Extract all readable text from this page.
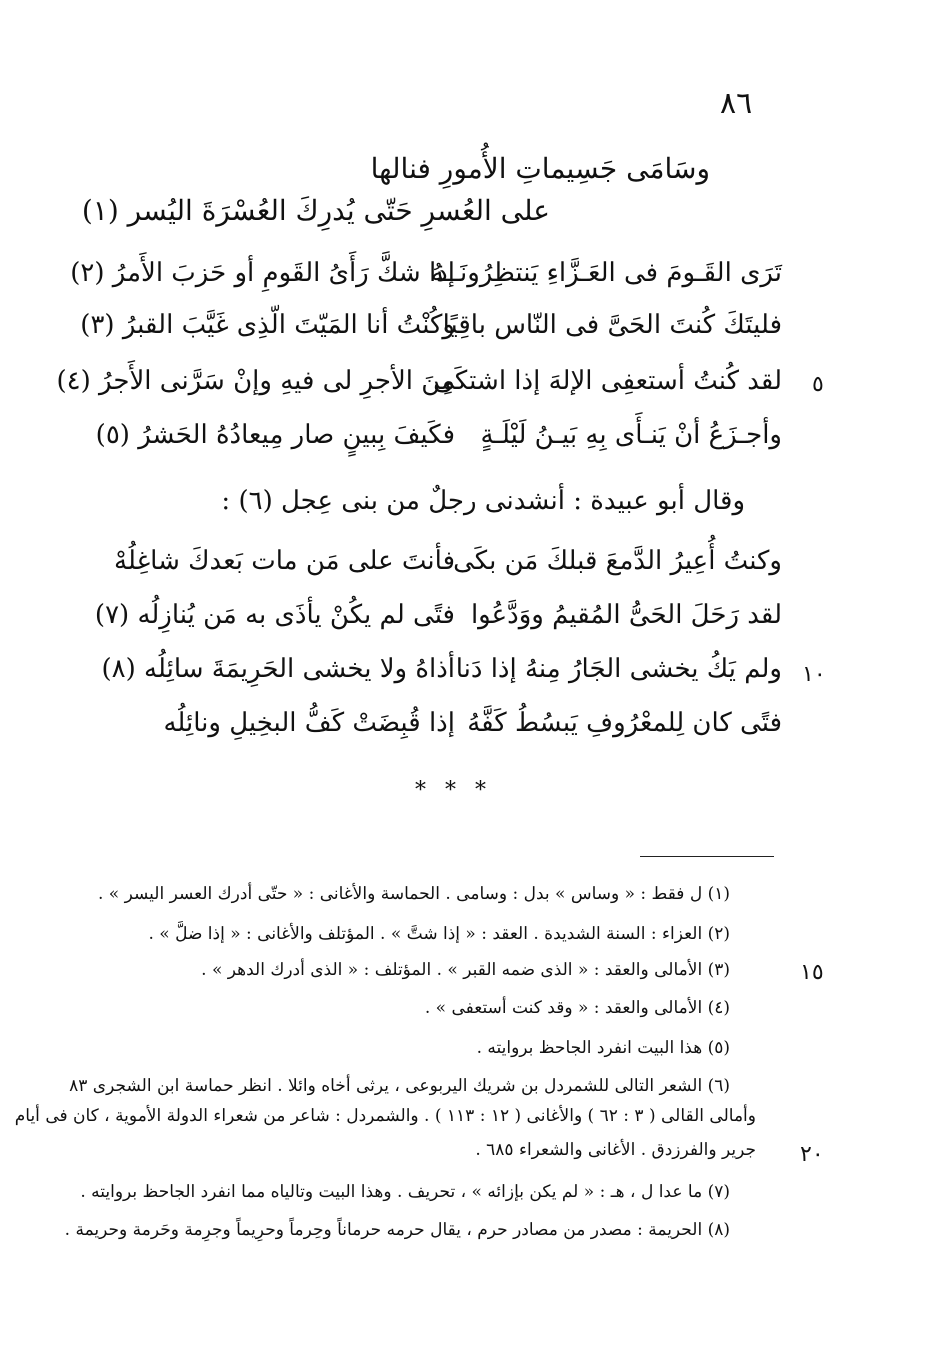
٨٦
وسَامَى جَسِيماتِ الأُمورِ فنالها
على العُسرِ حَتّى يُدرِكَ العُسْرَةَ اليُسر (١)
تَرَى القَـومَ فى العَـزَّاءِ يَنتظِرُونَــهُ
إذا شكَّ رَأَىُ القَومِ أو حَزبَ الأَمرُ (٢)
فليتَكَ كُنتَ الحَىَّ فى النّاس باقِيًا
وكُنْتُ أنا المَيّتَ الّذِى غَيَّبَ القبرُ (٣)
لقد كُنتُ أستعفِى الإلهَ إذا اشتكَى
مِنَ الأجرِ لى فيهِ وإنْ سَرَّنى الأَجرُ (٤)	٥
وأجـزَعُ أنْ يَنـأَى بِهِ بَيـنُ لَيْلَـةٍ
فكَيفَ بِبينٍ صار مِيعادُهُ الحَشرُ (٥)
وقال أبو عبيدة : أنشدنى رجلٌ من بنى عِجل (٦) :
وكنتُ أُعِيرُ الدَّمعَ قبلكَ مَن بكَى
فأنتَ على مَن مات بَعدكَ شاغِلُهْ
لقد رَحَلَ الحَىُّ المُقيمُ ووَدَّعُوا
فتًى لم يكُنْ يأذَى به مَن يُنازِلُه (٧)
ولم يَكُ يخشى الجَارُ مِنهُ إذا دَنا
أذاهُ ولا يخشى الحَرِيمَةَ سائِلُه (٨)	١٠
فتًى كان لِلمعْرُوفِ يَبسُطُ كَفَّهُ
إذا قُبِضَتْ كَفُّ البخِيلِ ونائِلُه
* * *
(١) ل فقط : « وساس » بدل : وسامى . الحماسة والأغانى : « حتّى أدرك العسر اليسر » .
(٢) العزاء : السنة الشديدة . العقد : « إذا شتَّ » . المؤتلف والأغانى : « إذا ضلَّ » .
(٣) الأمالى والعقد : « الذى ضمه القبر » . المؤتلف : « الذى أدرك الدهر » .	١٥
(٤) الأمالى والعقد : « وقد كنت أستعفى » .
(٥) هذا البيت انفرد الجاحظ بروايته .
(٦) الشعر التالى للشمردل بن شريك اليربوعى ، يرثى أخاه وائلا . انظر حماسة ابن الشجرى ٨٣
وأمالى القالى ( ٣ : ٦٢ ) والأغانى ( ١٢ : ١١٣ ) . والشمردل : شاعر من شعراء الدولة الأموية ، كان فى أيام
جرير والفرزدق . الأغانى والشعراء ٦٨٥ . ٢٠
(٧) ما عدا ل ، هـ : « لم يكن بإزائه » ، تحريف . وهذا البيت وتالياه مما انفرد الجاحظ بروايته .
(٨) الحريمة : مصدر من مصادر حرم ، يقال حرمه حرماناً وحِرماً وحرِيماً وجرِمة وحَرمة وحريمة .
